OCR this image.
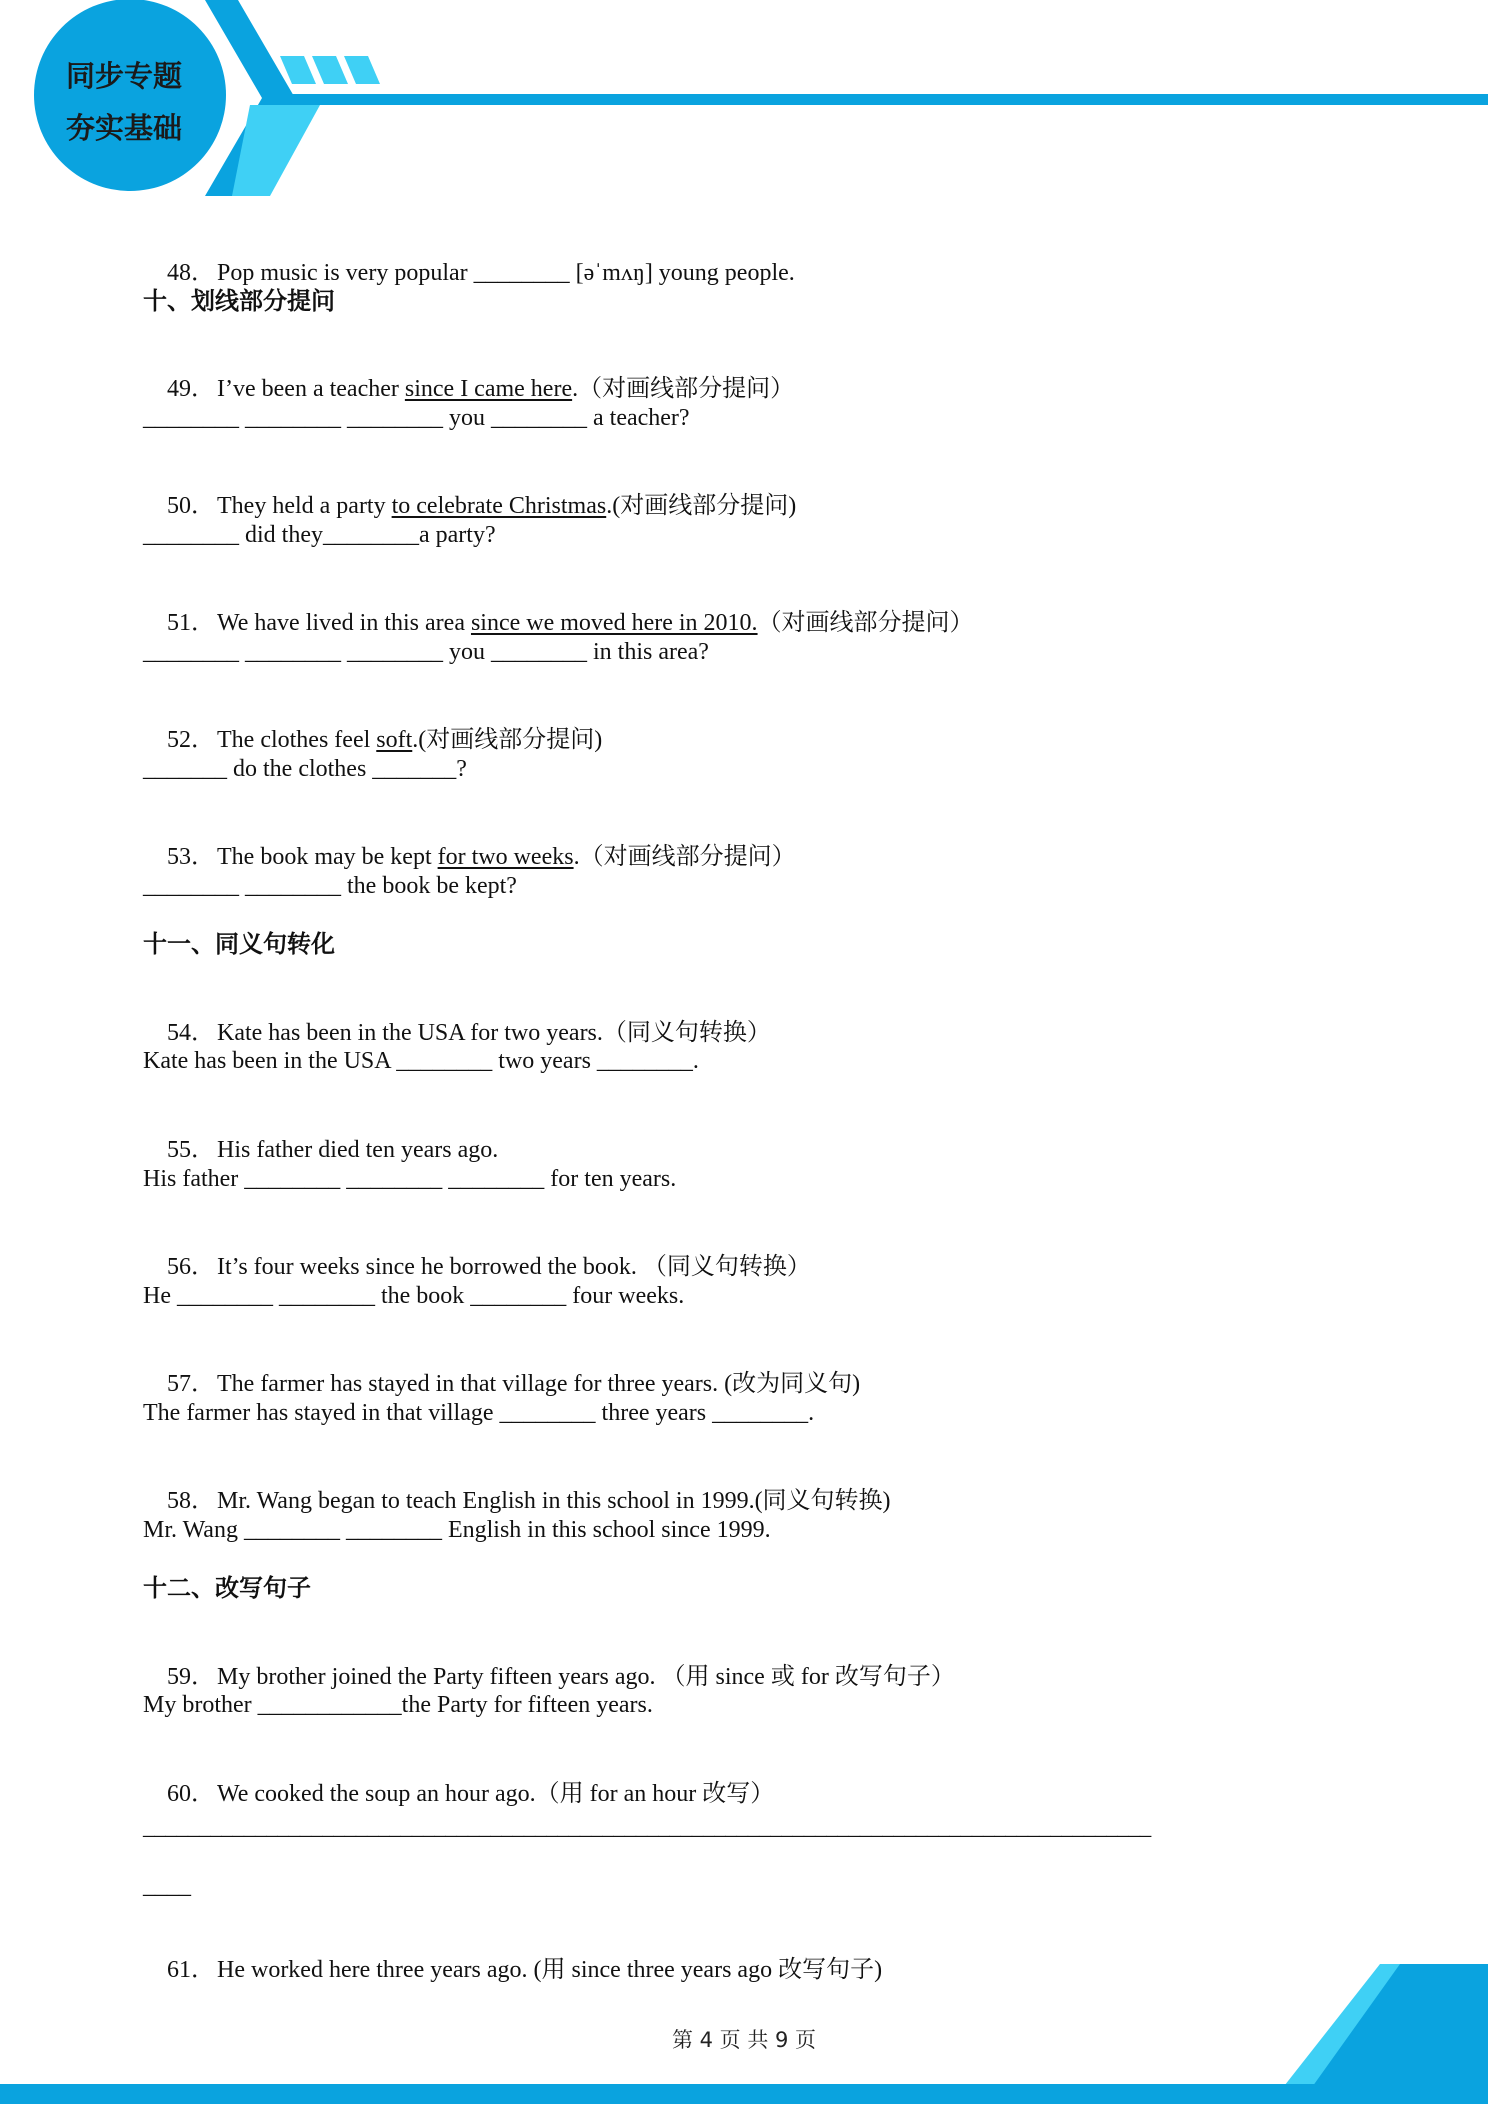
同步专题
夯实基础

48．Pop music is very popular ________ [əˈmʌŋ] young people.

十、划线部分提问

49．I’ve been a teacher since I came here.（对画线部分提问）

________ ________ ________ you ________ a teacher?

50．They held a party to celebrate Christmas.(对画线部分提问)

________ did they________a party?

51．We have lived in this area since we moved here in 2010.（对画线部分提问）

________ ________ ________ you ________ in this area?

52．The clothes feel soft.(对画线部分提问)

_______ do the clothes _______?

53．The book may be kept for two weeks.（对画线部分提问）

________ ________ the book be kept?
十一、同义句转化

54．Kate has been in the USA for two years.（同义句转换）

Kate has been in the USA ________ two years ________.

55．His father died ten years ago.

His father ________ ________ ________ for ten years.

56．It’s four weeks since he borrowed the book. （同义句转换）

He ________ ________ the book ________ four weeks.

57．The farmer has stayed in that village for three years. (改为同义句)

The farmer has stayed in that village ________ three years ________.

58．Mr. Wang began to teach English in this school in 1999.(同义句转换)

Mr. Wang ________ ________ English in this school since 1999.
十二、改写句子

59．My brother joined the Party fifteen years ago. （用 since 或 for 改写句子）

My brother ____________the Party for fifteen years.

60．We cooked the soup an hour ago.（用 for an hour 改写）

__________________________________________________________________________________________
____

61．He worked here three years ago. (用 since three years ago 改写句子)

第 4 页 共 9 页
